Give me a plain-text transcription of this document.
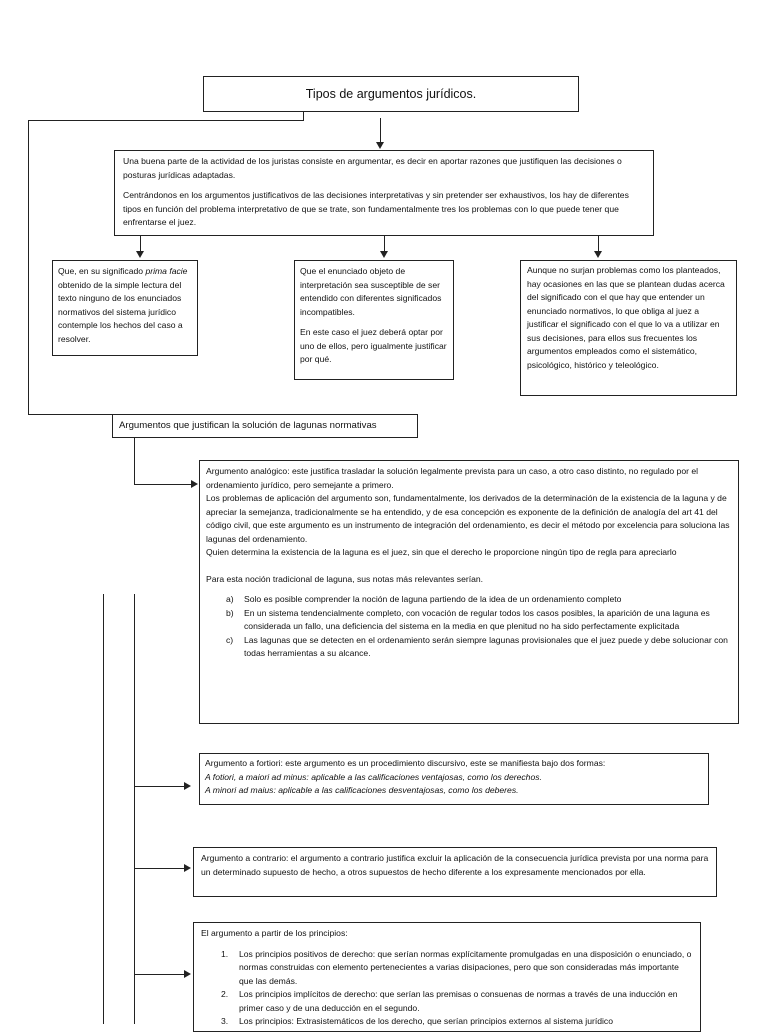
Tipos de argumentos jurídicos.

Una buena parte de la actividad de los juristas consiste en argumentar, es decir en aportar razones que justifiquen las decisiones o posturas jurídicas adaptadas.

Centrándonos en los argumentos justificativos de las decisiones interpretativas y sin pretender ser exhaustivos, los hay de diferentes tipos en función del problema interpretativo de que se trate, son fundamentalmente tres los problemas con lo que puede tener que enfrentarse el juez.

Que, en su significado prima facie obtenido de la simple lectura del texto ninguno de los enunciados normativos del sistema jurídico contemple los hechos del caso a resolver.

Que el enunciado objeto de interpretación sea susceptible de ser entendido con diferentes significados incompatibles.

En este caso el juez deberá optar por uno de ellos, pero igualmente justificar por qué.

Aunque no surjan problemas como los planteados, hay ocasiones en las que se plantean dudas acerca del significado con el que hay que entender un enunciado normativos, lo que obliga al juez a justificar el significado con el que lo va a utilizar en sus decisiones, para ellos sus frecuentes los argumentos empleados como el sistemático, psicológico, histórico y teleológico.
Argumentos que justifican la solución de lagunas normativas
Argumento analógico: este justifica trasladar la solución legalmente prevista para un caso, a otro caso distinto, no regulado por el ordenamiento jurídico, pero semejante a primero.
Los problemas de aplicación del argumento son, fundamentalmente, los derivados de la determinación de la existencia de la laguna y de apreciar la semejanza, tradicionalmente se ha entendido, y de esa concepción es exponente de la definición de analogía del art 41 del código civil, que este argumento es un instrumento de integración del ordenamiento, es decir el método por excelencia para soluciona las lagunas del ordenamiento.
Quien determina la existencia de la laguna es el juez, sin que el derecho le proporcione ningún tipo de regla para apreciarlo
Para esta noción tradicional de laguna, sus notas más relevantes serían.
a) Solo es posible comprender la noción de laguna partiendo de la idea de un ordenamiento completo
b) En un sistema tendencialmente completo, con vocación de regular todos los casos posibles, la aparición de una laguna es considerada un fallo, una deficiencia del sistema en la media en que plenitud no ha sido perfectamente explicitada
c) Las lagunas que se detecten en el ordenamiento serán siempre lagunas provisionales que el juez puede y debe solucionar con todas herramientas a su alcance.
Argumento a fortiori: este argumento es un procedimiento discursivo, este se manifiesta bajo dos formas:
A fotiori, a maiori ad minus: aplicable a las calificaciones ventajosas, como los derechos.
A minori ad maius: aplicable a las calificaciones desventajosas, como los deberes.
Argumento a contrario: el argumento a contrario justifica excluir la aplicación de la consecuencia jurídica prevista por una norma para un determinado supuesto de hecho, a otros supuestos de hecho diferente a los expresamente mencionados por ella.
El argumento a partir de los principios:
1. Los principios positivos de derecho: que serían normas explícitamente promulgadas en una disposición o enunciado, o normas construidas con elemento pertenecientes a varias disipaciones, pero que son consideradas más importante que las demás.
2. Los principios implícitos de derecho: que serían las premisas o consuenas de normas a través de una inducción en primer caso y de una deducción en el segundo.
3. Los principios: Extrasistemáticos de los derecho, que serían principios externos al sistema jurídico
